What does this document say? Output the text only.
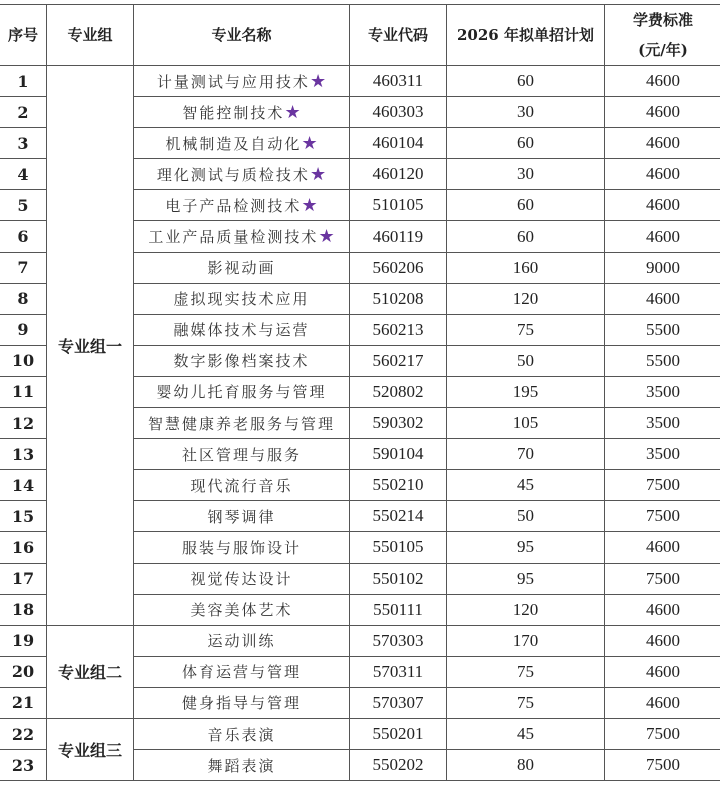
序号	专业组	专业名称	专业代码	2026 年拟单招计划	学费标准
(元/年)

1	专业组一	计量测试与应用技术★	460311	60	4600
2		智能控制技术★	460303	30	4600
3		机械制造及自动化★	460104	60	4600
4		理化测试与质检技术★	460120	30	4600
5		电子产品检测技术★	510105	60	4600
6		工业产品质量检测技术★	460119	60	4600
7		影视动画	560206	160	9000
8		虚拟现实技术应用	510208	120	4600
9		融媒体技术与运营	560213	75	5500
10		数字影像档案技术	560217	50	5500
11		婴幼儿托育服务与管理	520802	195	3500
12		智慧健康养老服务与管理	590302	105	3500
13		社区管理与服务	590104	70	3500
14		现代流行音乐	550210	45	7500
15		钢琴调律	550214	50	7500
16		服装与服饰设计	550105	95	4600
17		视觉传达设计	550102	95	7500
18		美容美体艺术	550111	120	4600
19	专业组二	运动训练	570303	170	4600
20		体育运营与管理	570311	75	4600
21		健身指导与管理	570307	75	4600
22	专业组三	音乐表演	550201	45	7500
23		舞蹈表演	550202	80	7500
